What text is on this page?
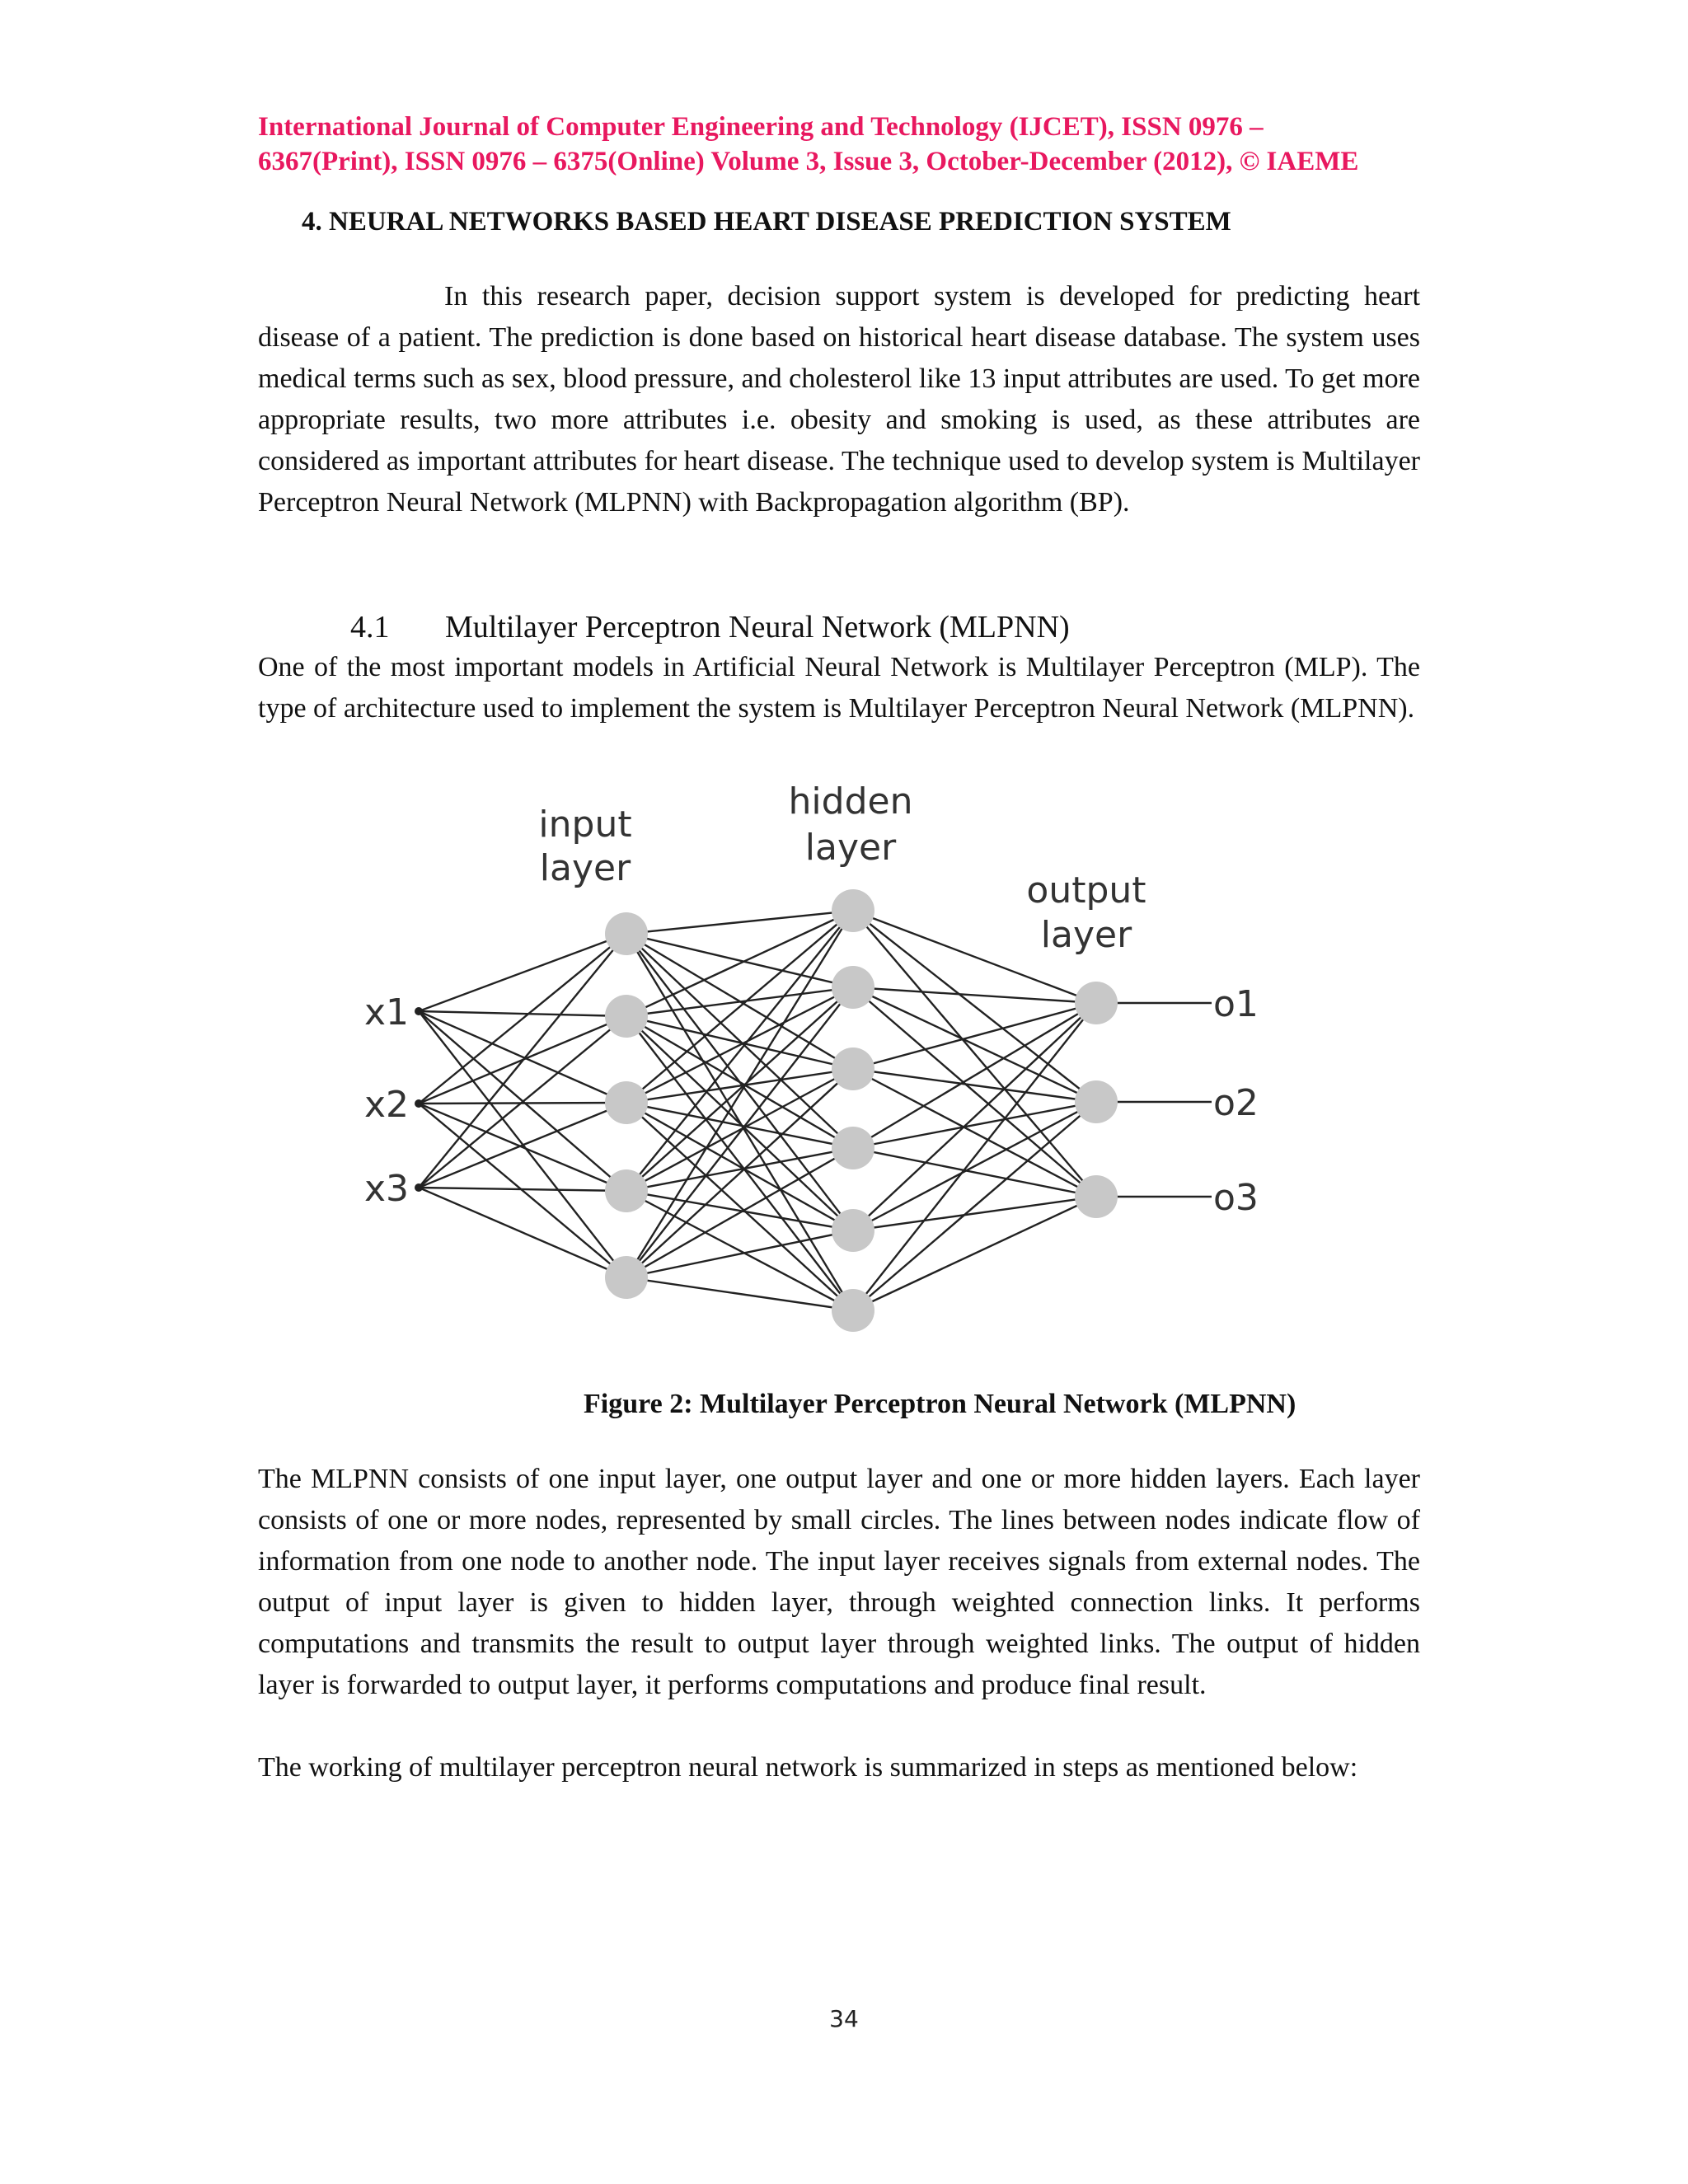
International Journal of Computer Engineering and Technology (IJCET), ISSN 0976 –
6367(Print), ISSN 0976 – 6375(Online) Volume 3, Issue 3, October-December (2012), © IAEME
4. NEURAL NETWORKS BASED HEART DISEASE PREDICTION SYSTEM
In this research paper, decision support system is developed for predicting heart disease of a patient. The prediction is done based on historical heart disease database. The system uses medical terms such as sex, blood pressure, and cholesterol like 13 input attributes are used. To get more appropriate results, two more attributes i.e. obesity and smoking is used, as these attributes are considered as important attributes for heart disease. The technique used to develop system is Multilayer Perceptron Neural Network (MLPNN) with Backpropagation algorithm (BP).
4.1 Multilayer Perceptron Neural Network (MLPNN)
One of the most important models in Artificial Neural Network is Multilayer Perceptron (MLP). The type of architecture used to implement the system is Multilayer Perceptron Neural Network (MLPNN).
input
layer
hidden
layer
output
layer
x1
x2
x3
o1
o2
o3
Figure 2: Multilayer Perceptron Neural Network (MLPNN)
The MLPNN consists of one input layer, one output layer and one or more hidden layers. Each layer consists of one or more nodes, represented by small circles. The lines between nodes indicate flow of information from one node to another node. The input layer receives signals from external nodes. The output of input layer is given to hidden layer, through weighted connection links. It performs computations and transmits the result to output layer through weighted links. The output of hidden layer is forwarded to output layer, it performs computations and produce final result.
The working of multilayer perceptron neural network is summarized in steps as mentioned below:
34
